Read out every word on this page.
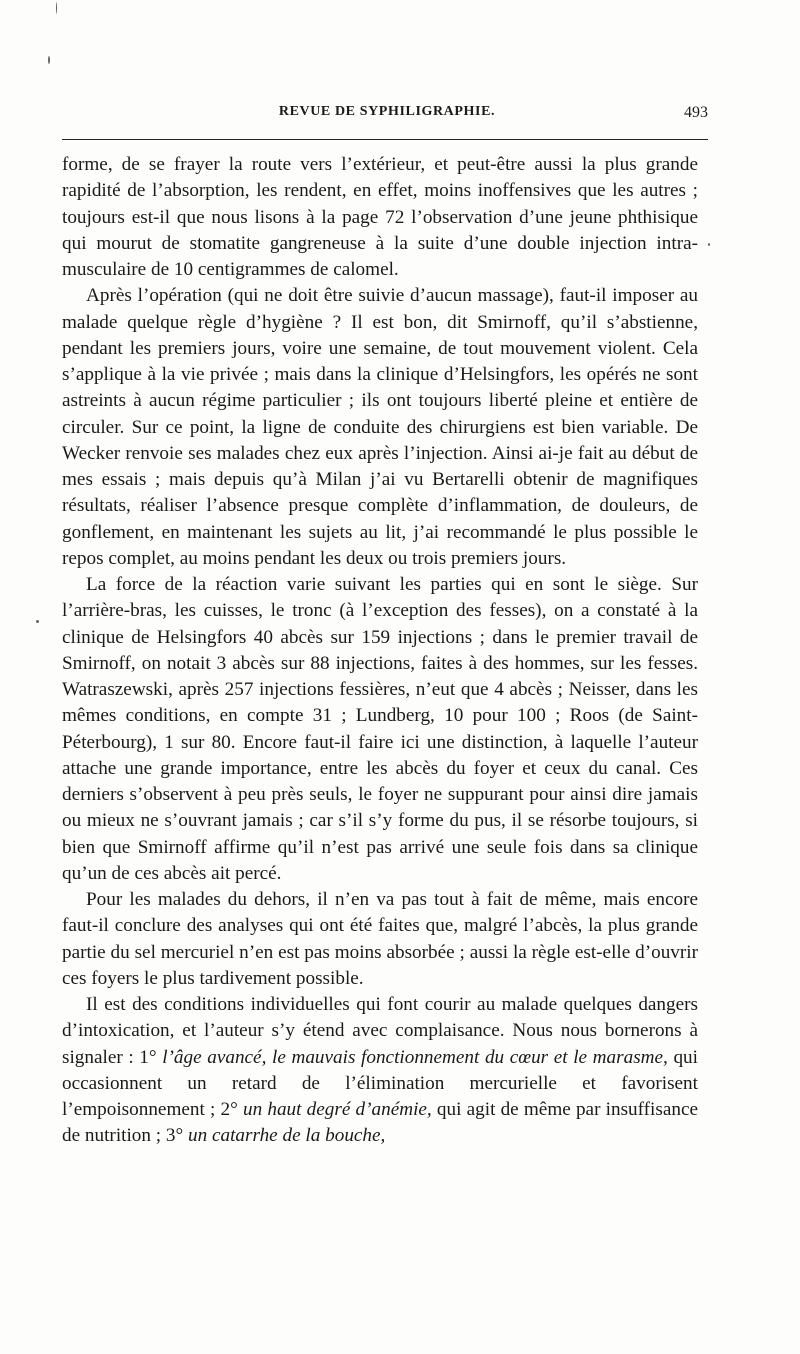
REVUE DE SYPHILIGRAPHIE.	493

forme, de se frayer la route vers l’extérieur, et peut-être aussi la plus grande rapidité de l’absorption, les rendent, en effet, moins inoffensives que les autres ; toujours est-il que nous lisons à la page 72 l’observation d’une jeune phthisique qui mourut de stomatite gangreneuse à la suite d’une double injection intra-musculaire de 10 centigrammes de calomel.

Après l’opération (qui ne doit être suivie d’aucun massage), faut-il imposer au malade quelque règle d’hygiène ? Il est bon, dit Smirnoff, qu’il s’abstienne, pendant les premiers jours, voire une semaine, de tout mouvement violent. Cela s’applique à la vie privée ; mais dans la clinique d’Helsingfors, les opérés ne sont astreints à aucun régime particulier ; ils ont toujours liberté pleine et entière de circuler. Sur ce point, la ligne de conduite des chirurgiens est bien variable. De Wecker renvoie ses malades chez eux après l’injection. Ainsi ai-je fait au début de mes essais ; mais depuis qu’à Milan j’ai vu Bertarelli obtenir de magnifiques résultats, réaliser l’absence presque complète d’inflammation, de douleurs, de gonflement, en maintenant les sujets au lit, j’ai recommandé le plus possible le repos complet, au moins pendant les deux ou trois premiers jours.

La force de la réaction varie suivant les parties qui en sont le siège. Sur l’arrière-bras, les cuisses, le tronc (à l’exception des fesses), on a constaté à la clinique de Helsingfors 40 abcès sur 159 injections ; dans le premier travail de Smirnoff, on notait 3 abcès sur 88 injections, faites à des hommes, sur les fesses. Watraszewski, après 257 injections fessières, n’eut que 4 abcès ; Neisser, dans les mêmes conditions, en compte 31 ; Lundberg, 10 pour 100 ; Roos (de Saint-Péterbourg), 1 sur 80. Encore faut-il faire ici une distinction, à laquelle l’auteur attache une grande importance, entre les abcès du foyer et ceux du canal. Ces derniers s’observent à peu près seuls, le foyer ne suppurant pour ainsi dire jamais ou mieux ne s’ouvrant jamais ; car s’il s’y forme du pus, il se résorbe toujours, si bien que Smirnoff affirme qu’il n’est pas arrivé une seule fois dans sa clinique qu’un de ces abcès ait percé.

Pour les malades du dehors, il n’en va pas tout à fait de même, mais encore faut-il conclure des analyses qui ont été faites que, malgré l’abcès, la plus grande partie du sel mercuriel n’en est pas moins absorbée ; aussi la règle est-elle d’ouvrir ces foyers le plus tardivement possible.

Il est des conditions individuelles qui font courir au malade quelques dangers d’intoxication, et l’auteur s’y étend avec complaisance. Nous nous bornerons à signaler : 1° l’âge avancé, le mauvais fonctionnement du cœur et le marasme, qui occasionnent un retard de l’élimination mercurielle et favorisent l’empoisonnement ; 2° un haut degré d’anémie, qui agit de même par insuffisance de nutrition ; 3° un catarrhe de la bouche,
